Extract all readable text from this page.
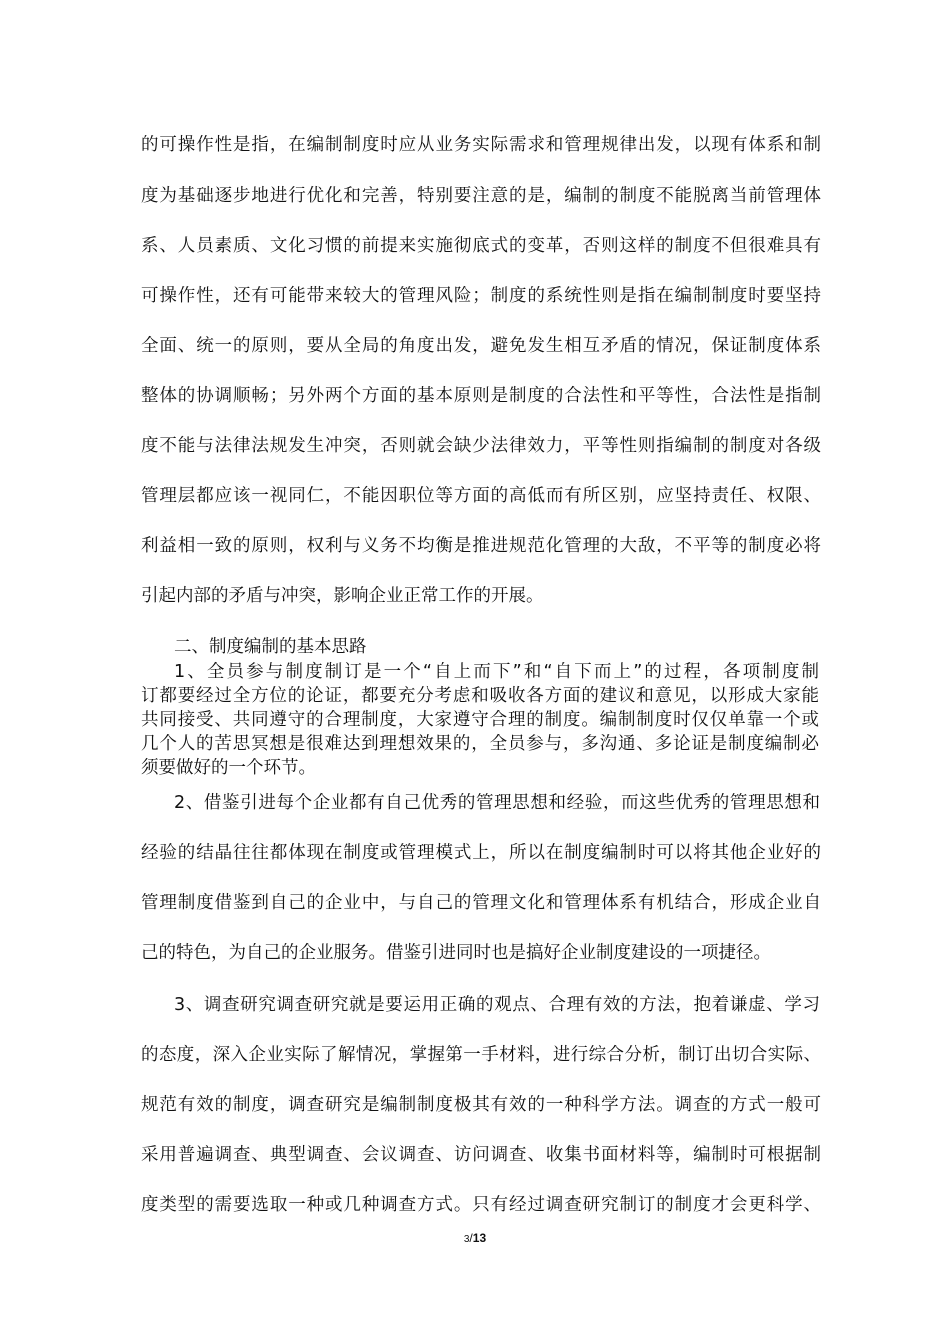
的可操作性是指，在编制制度时应从业务实际需求和管理规律出发，以现有体系和制
度为基础逐步地进行优化和完善，特别要注意的是，编制的制度不能脱离当前管理体
系、人员素质、文化习惯的前提来实施彻底式的变革，否则这样的制度不但很难具有
可操作性，还有可能带来较大的管理风险；制度的系统性则是指在编制制度时要坚持
全面、统一的原则，要从全局的角度出发，避免发生相互矛盾的情况，保证制度体系
整体的协调顺畅；另外两个方面的基本原则是制度的合法性和平等性，合法性是指制
度不能与法律法规发生冲突，否则就会缺少法律效力，平等性则指编制的制度对各级
管理层都应该一视同仁，不能因职位等方面的高低而有所区别，应坚持责任、权限、
利益相一致的原则，权利与义务不均衡是推进规范化管理的大敌，不平等的制度必将
引起内部的矛盾与冲突，影响企业正常工作的开展。
二、制度编制的基本思路
1、全员参与制度制订是一个“自上而下”和“自下而上”的过程，各项制度制
订都要经过全方位的论证，都要充分考虑和吸收各方面的建议和意见，以形成大家能
共同接受、共同遵守的合理制度，大家遵守合理的制度。编制制度时仅仅单靠一个或
几个人的苦思冥想是很难达到理想效果的，全员参与，多沟通、多论证是制度编制必
须要做好的一个环节。
2、借鉴引进每个企业都有自己优秀的管理思想和经验，而这些优秀的管理思想和
经验的结晶往往都体现在制度或管理模式上，所以在制度编制时可以将其他企业好的
管理制度借鉴到自己的企业中，与自己的管理文化和管理体系有机结合，形成企业自
己的特色，为自己的企业服务。借鉴引进同时也是搞好企业制度建设的一项捷径。
3、调查研究调查研究就是要运用正确的观点、合理有效的方法，抱着谦虚、学习
的态度，深入企业实际了解情况，掌握第一手材料，进行综合分析，制订出切合实际、
规范有效的制度，调查研究是编制制度极其有效的一种科学方法。调查的方式一般可
采用普遍调查、典型调查、会议调查、访问调查、收集书面材料等，编制时可根据制
度类型的需要选取一种或几种调查方式。只有经过调查研究制订的制度才会更科学、
3/13
